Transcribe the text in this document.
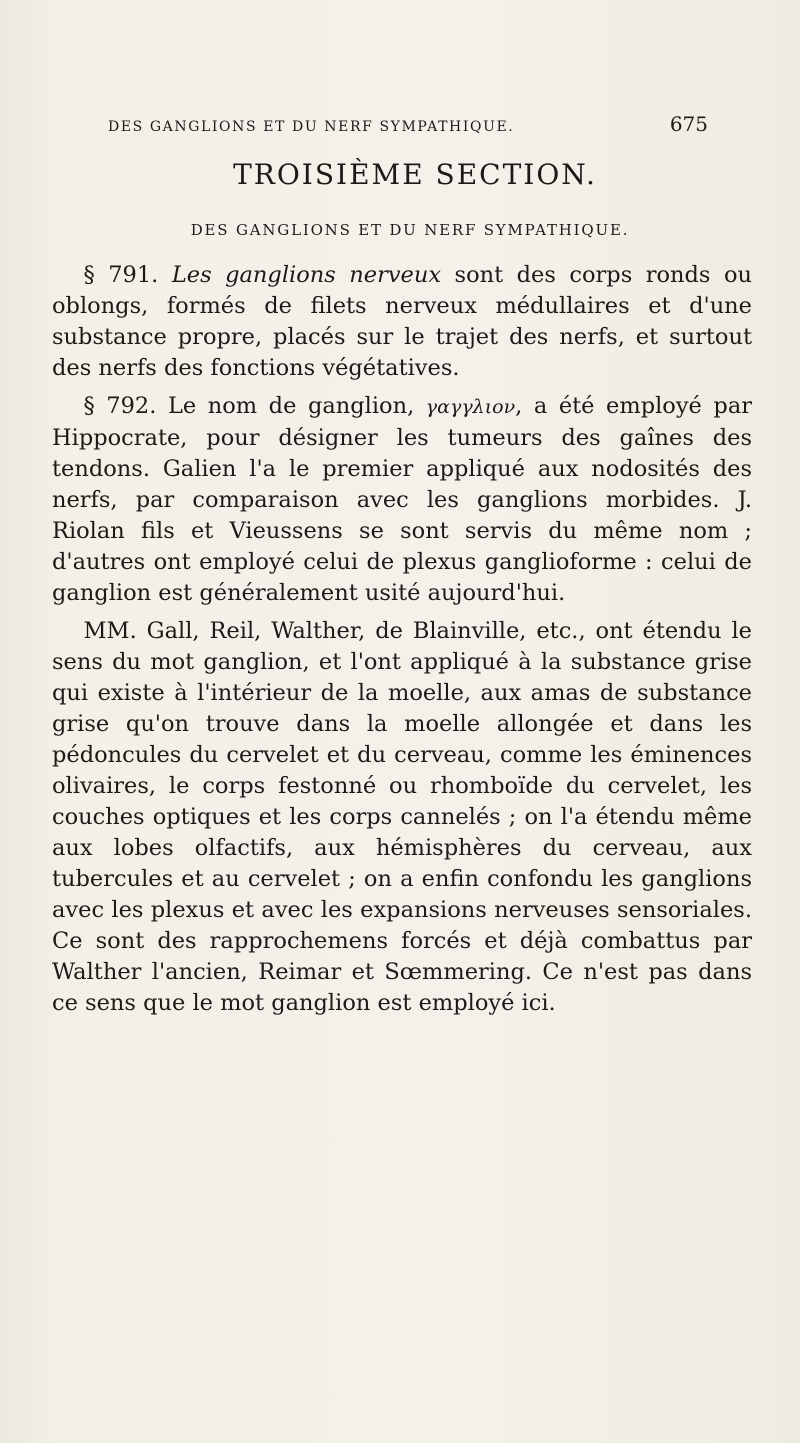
DES GANGLIONS ET DU NERF SYMPATHIQUE.	675
TROISIÈME SECTION.
DES GANGLIONS ET DU NERF SYMPATHIQUE.

§ 791. Les ganglions nerveux sont des corps ronds ou oblongs, formés de filets nerveux médullaires et d'une substance propre, placés sur le trajet des nerfs, et surtout des nerfs des fonctions végétatives.

§ 792. Le nom de ganglion, γαγγλιον, a été employé par Hippocrate, pour désigner les tumeurs des gaînes des tendons. Galien l'a le premier appliqué aux nodosités des nerfs, par comparaison avec les ganglions morbides. J. Riolan fils et Vieussens se sont servis du même nom ; d'autres ont employé celui de plexus ganglioforme : celui de ganglion est généralement usité aujourd'hui.

MM. Gall, Reil, Walther, de Blainville, etc., ont étendu le sens du mot ganglion, et l'ont appliqué à la substance grise qui existe à l'intérieur de la moelle, aux amas de substance grise qu'on trouve dans la moelle allongée et dans les pédoncules du cervelet et du cerveau, comme les éminences olivaires, le corps festonné ou rhomboïde du cervelet, les couches optiques et les corps cannelés ; on l'a étendu même aux lobes olfactifs, aux hémisphères du cerveau, aux tubercules et au cervelet ; on a enfin confondu les ganglions avec les plexus et avec les expansions nerveuses sensoriales. Ce sont des rapprochemens forcés et déjà combattus par Walther l'ancien, Reimar et Sœmmering. Ce n'est pas dans ce sens que le mot ganglion est employé ici.
